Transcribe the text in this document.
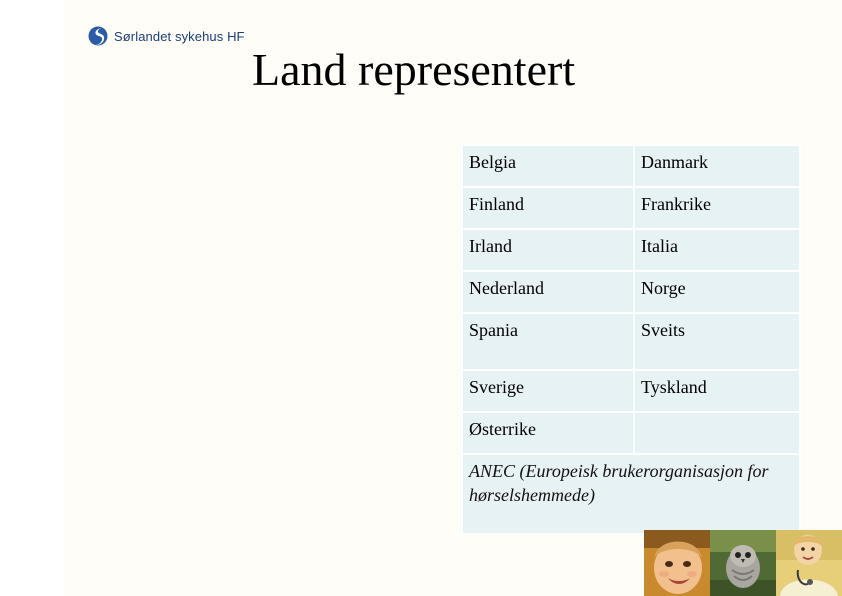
Sørlandet sykehus HF
Land representert
Belgia	Danmark
Finland	Frankrike
Irland	Italia
Nederland	Norge
Spania	Sveits
Sverige	Tyskland
Østerrike	
ANEC (Europeisk brukerorganisasjon for hørselshemmede)	
